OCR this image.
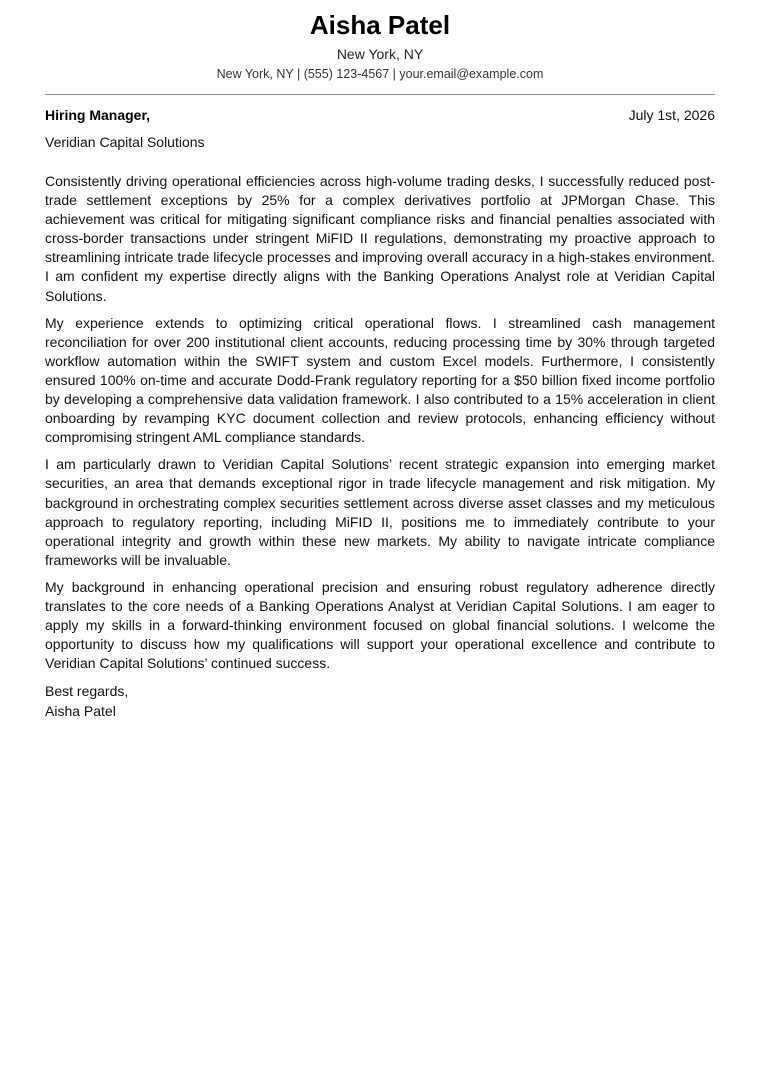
Aisha Patel
New York, NY
New York, NY | (555) 123-4567 | your.email@example.com
Hiring Manager,	July 1st, 2026
Veridian Capital Solutions

Consistently driving operational efficiencies across high-volume trading desks, I successfully reduced post-trade settlement exceptions by 25% for a complex derivatives portfolio at JPMorgan Chase. This achievement was critical for mitigating significant compliance risks and financial penalties associated with cross-border transactions under stringent MiFID II regulations, demonstrating my proactive approach to streamlining intricate trade lifecycle processes and improving overall accuracy in a high-stakes environment. I am confident my expertise directly aligns with the Banking Operations Analyst role at Veridian Capital Solutions.

My experience extends to optimizing critical operational flows. I streamlined cash management reconciliation for over 200 institutional client accounts, reducing processing time by 30% through targeted workflow automation within the SWIFT system and custom Excel models. Furthermore, I consistently ensured 100% on-time and accurate Dodd-Frank regulatory reporting for a $50 billion fixed income portfolio by developing a comprehensive data validation framework. I also contributed to a 15% acceleration in client onboarding by revamping KYC document collection and review protocols, enhancing efficiency without compromising stringent AML compliance standards.

I am particularly drawn to Veridian Capital Solutions’ recent strategic expansion into emerging market securities, an area that demands exceptional rigor in trade lifecycle management and risk mitigation. My background in orchestrating complex securities settlement across diverse asset classes and my meticulous approach to regulatory reporting, including MiFID II, positions me to immediately contribute to your operational integrity and growth within these new markets. My ability to navigate intricate compliance frameworks will be invaluable.

My background in enhancing operational precision and ensuring robust regulatory adherence directly translates to the core needs of a Banking Operations Analyst at Veridian Capital Solutions. I am eager to apply my skills in a forward-thinking environment focused on global financial solutions. I welcome the opportunity to discuss how my qualifications will support your operational excellence and contribute to Veridian Capital Solutions’ continued success.

Best regards,
Aisha Patel
